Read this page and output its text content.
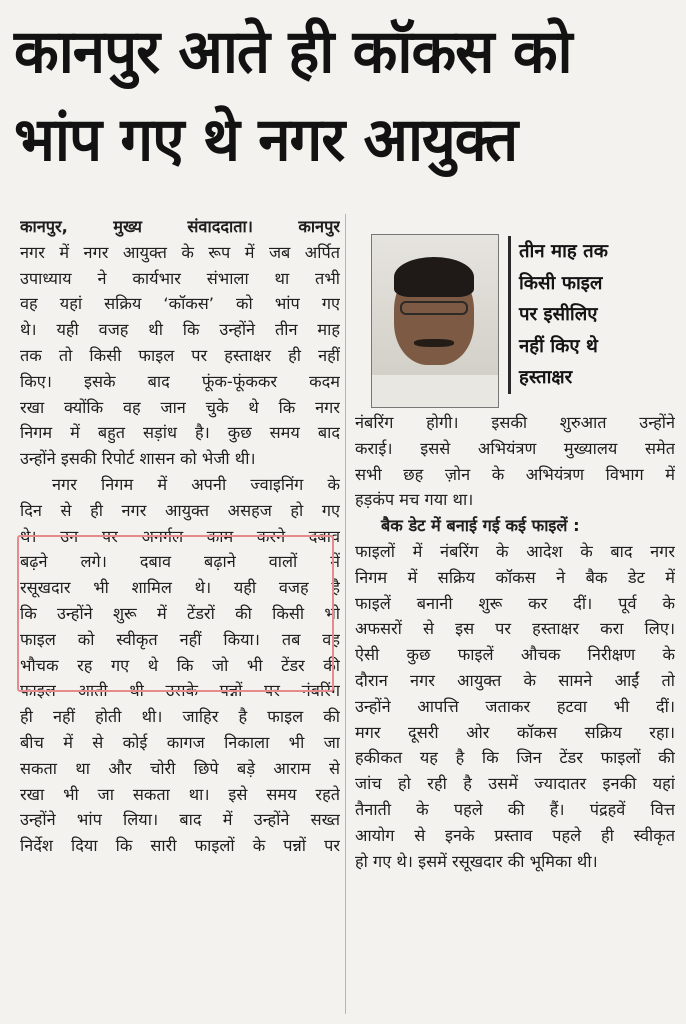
कानपुर आते ही कॉकस को
भांप गए थे नगर आयुक्त

कानपुर, मुख्य संवाददाता। कानपुर

नगर में नगर आयुक्त के रूप में जब अर्पित

उपाध्याय ने कार्यभार संभाला था तभी

वह यहां सक्रिय ‘कॉकस’ को भांप गए

थे। यही वजह थी कि उन्होंने तीन माह

तक तो किसी फाइल पर हस्ताक्षर ही नहीं

किए। इसके बाद फूंक-फूंककर कदम

रखा क्योंकि वह जान चुके थे कि नगर

निगम में बहुत सड़ांध है। कुछ समय बाद

उन्होंने इसकी रिपोर्ट शासन को भेजी थी।

नगर निगम में अपनी ज्वाइनिंग के

दिन से ही नगर आयुक्त असहज हो गए

थे। उन पर अनर्गल काम करने दबाव

बढ़ने लगे। दबाव बढ़ाने वालों में

रसूखदार भी शामिल थे। यही वजह है

कि उन्होंने शुरू में टेंडरों की किसी भी

फाइल को स्वीकृत नहीं किया। तब वह

भौचक रह गए थे कि जो भी टेंडर की

फाइल आती थी उसके पन्नों पर नंबरिंग

ही नहीं होती थी। जाहिर है फाइल की

बीच में से कोई कागज निकाला भी जा

सकता था और चोरी छिपे बड़े आराम से

रखा भी जा सकता था। इसे समय रहते

उन्होंने भांप लिया। बाद में उन्होंने सख्त

निर्देश दिया कि सारी फाइलों के पन्नों पर

तीन माह तक
किसी फाइल
पर इसीलिए
नहीं किए थे
हस्ताक्षर

नंबरिंग होगी। इसकी शुरुआत उन्होंने

कराई। इससे अभियंत्रण मुख्यालय समेत

सभी छह ज़ोन के अभियंत्रण विभाग में

हड़कंप मच गया था।

बैक डेट में बनाई गई कई फाइलें :

फाइलों में नंबरिंग के आदेश के बाद नगर

निगम में सक्रिय कॉकस ने बैक डेट में

फाइलें बनानी शुरू कर दीं। पूर्व के

अफसरों से इस पर हस्ताक्षर करा लिए।

ऐसी कुछ फाइलें औचक निरीक्षण के

दौरान नगर आयुक्त के सामने आईं तो

उन्होंने आपत्ति जताकर हटवा भी दीं।

मगर दूसरी ओर कॉकस सक्रिय रहा।

हकीकत यह है कि जिन टेंडर फाइलों की

जांच हो रही है उसमें ज्यादातर इनकी यहां

तैनाती के पहले की हैं। पंद्रहवें वित्त

आयोग से इनके प्रस्ताव पहले ही स्वीकृत

हो गए थे। इसमें रसूखदार की भूमिका थी।
